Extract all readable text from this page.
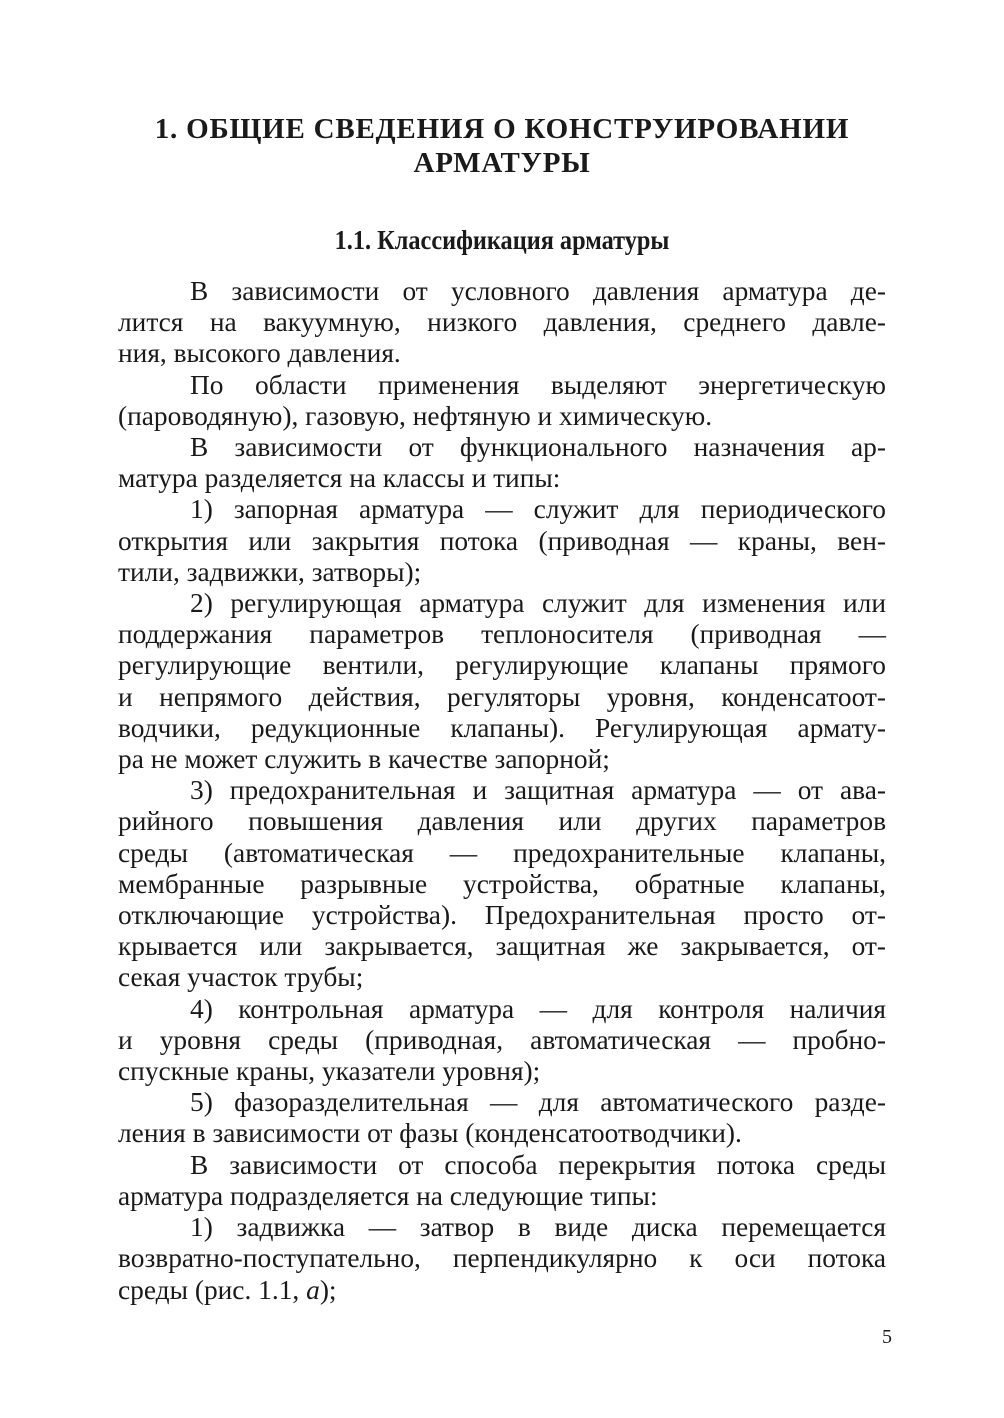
1. ОБЩИЕ СВЕДЕНИЯ О КОНСТРУИРОВАНИИ
АРМАТУРЫ
1.1. Классификация арматуры

В зависимости от условного давления арматура де-
лится на вакуумную, низкого давления, среднего давле-
ния, высокого давления.

По области применения выделяют энергетическую
(пароводяную), газовую, нефтяную и химическую.

В зависимости от функционального назначения ар-
матура разделяется на классы и типы:

1) запорная арматура — служит для периодического
открытия или закрытия потока (приводная — краны, вен-
тили, задвижки, затворы);

2) регулирующая арматура служит для изменения или
поддержания параметров теплоносителя (приводная —
регулирующие вентили, регулирующие клапаны прямого
и непрямого действия, регуляторы уровня, конденсатоот-
водчики, редукционные клапаны). Регулирующая армату-
ра не может служить в качестве запорной;

3) предохранительная и защитная арматура — от ава-
рийного повышения давления или других параметров
среды (автоматическая — предохранительные клапаны,
мембранные разрывные устройства, обратные клапаны,
отключающие устройства). Предохранительная просто от-
крывается или закрывается, защитная же закрывается, от-
секая участок трубы;

4) контрольная арматура — для контроля наличия
и уровня среды (приводная, автоматическая — пробно-
спускные краны, указатели уровня);

5) фазоразделительная — для автоматического разде-
ления в зависимости от фазы (конденсатоотводчики).

В зависимости от способа перекрытия потока среды
арматура подразделяется на следующие типы:

1) задвижка — затвор в виде диска перемещается
возвратно-поступательно, перпендикулярно к оси потока
среды (рис. 1.1, а);

5
